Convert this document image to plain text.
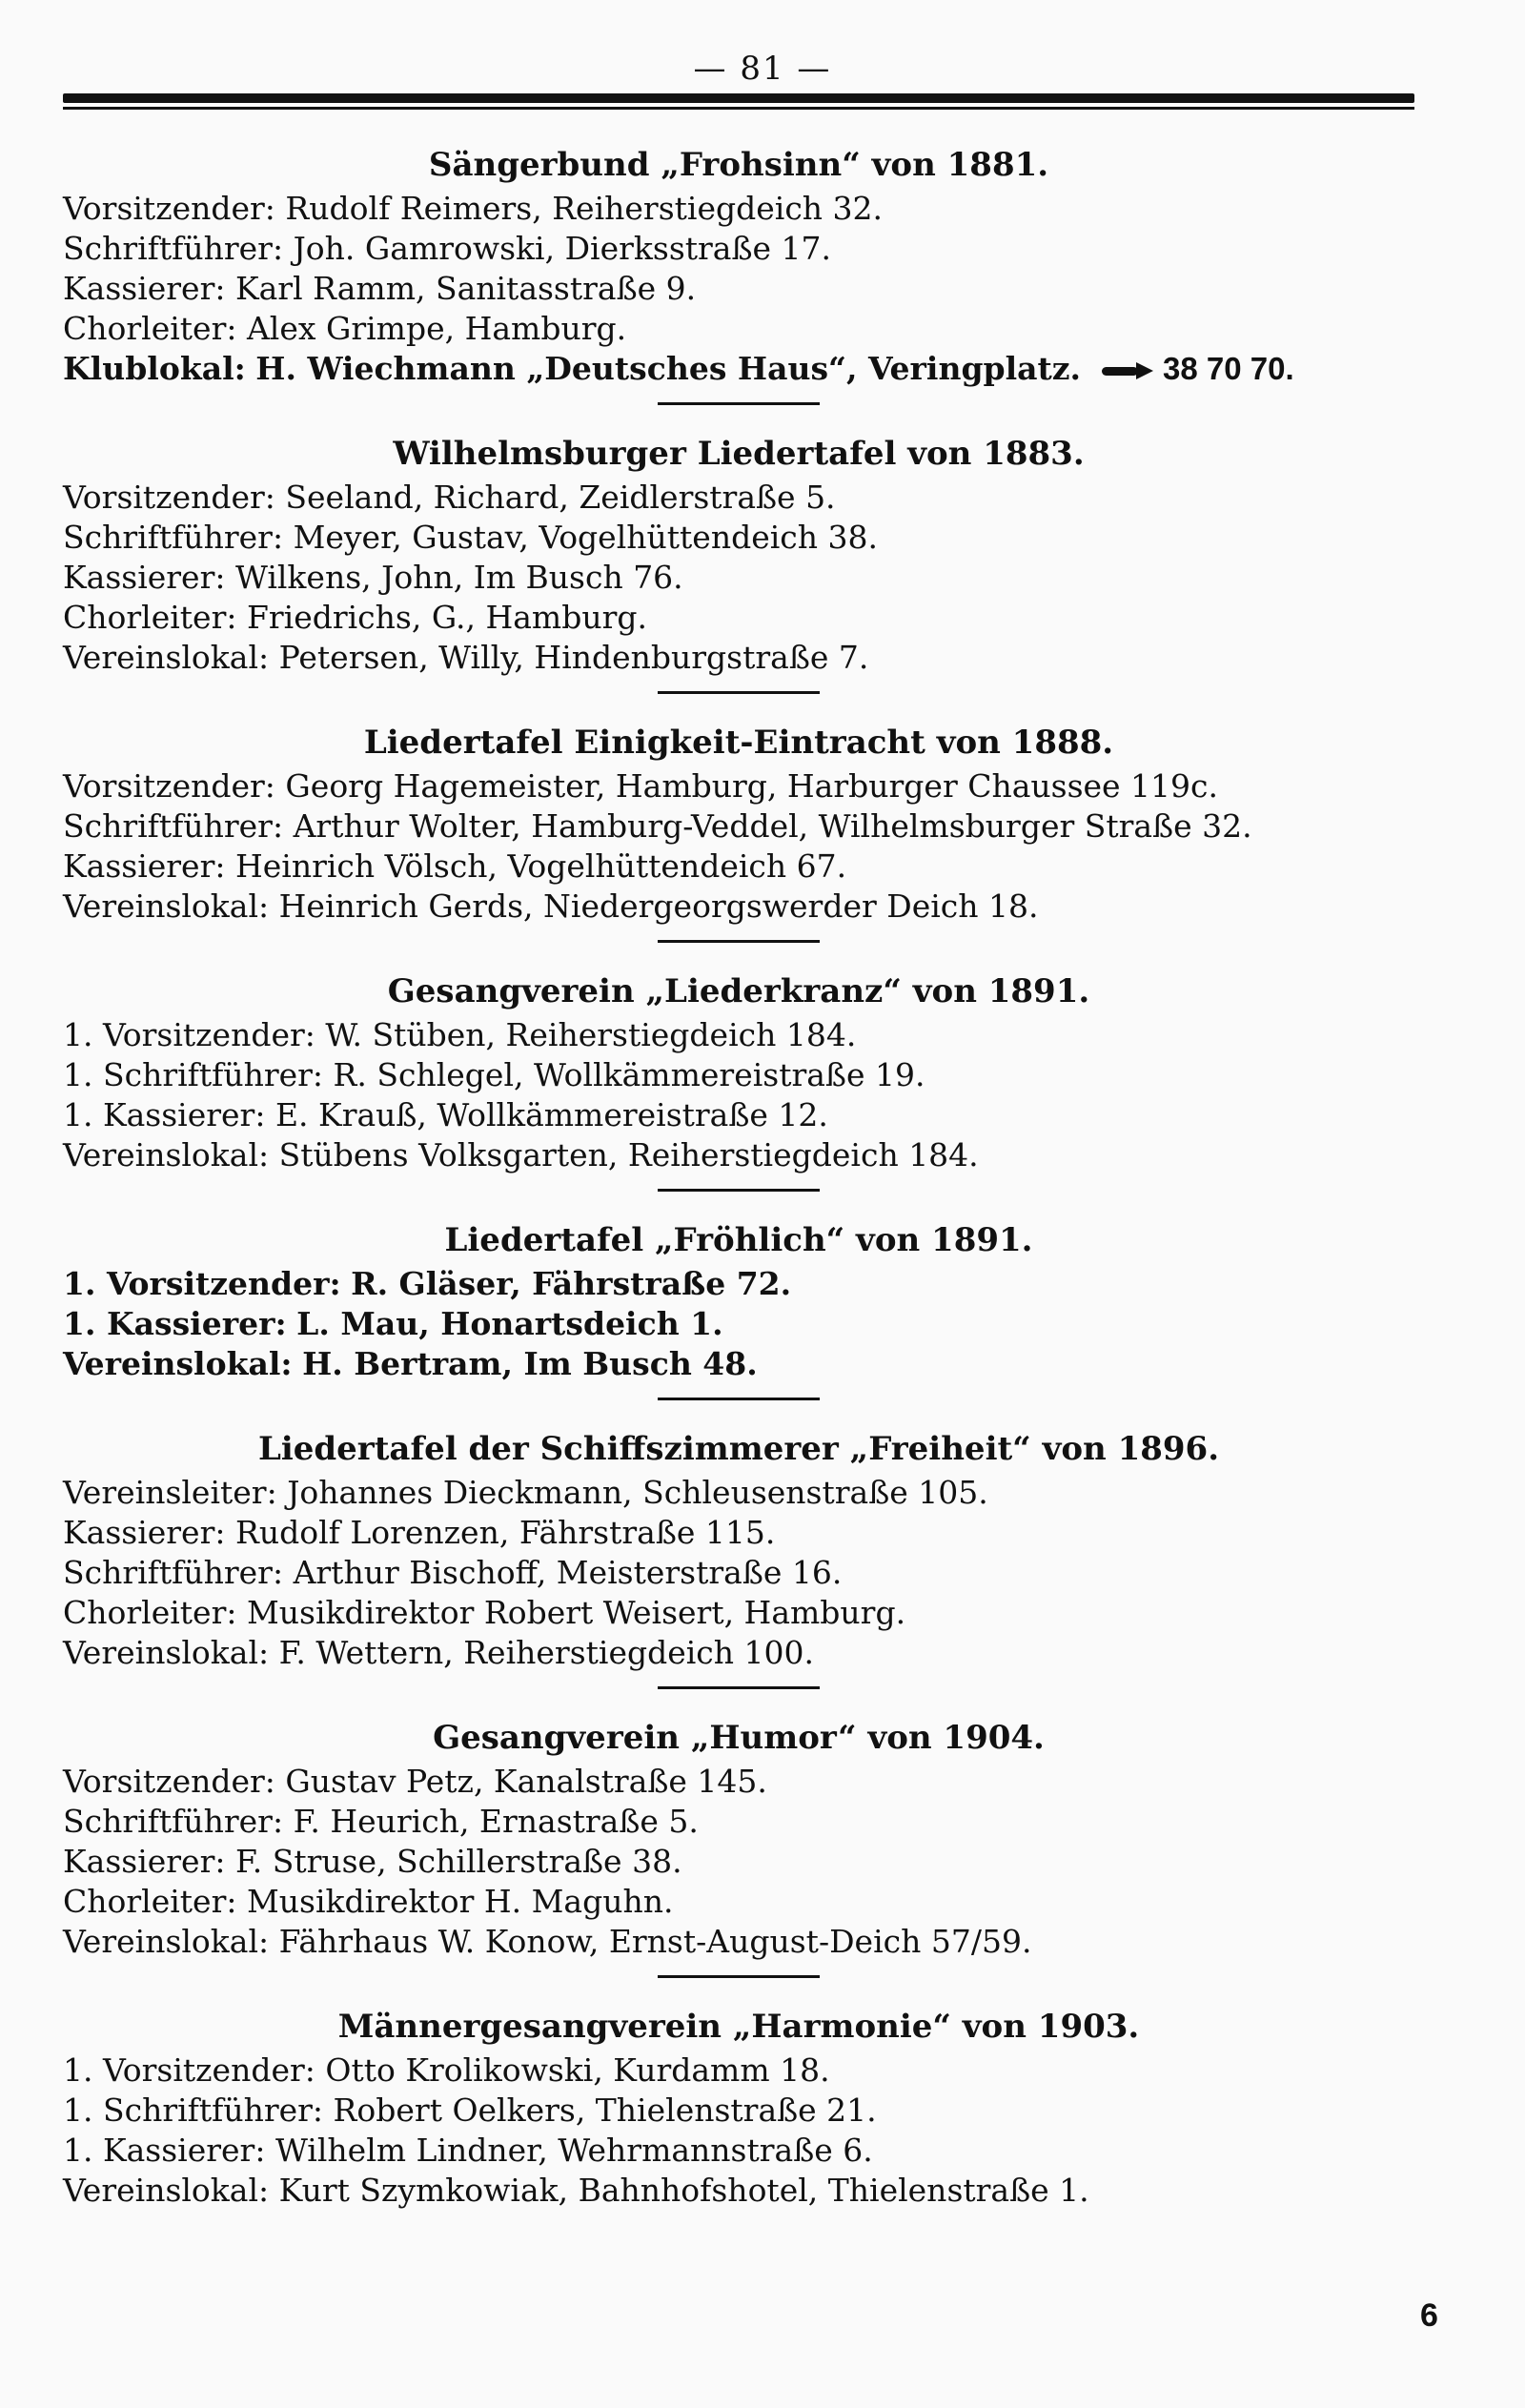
— 81 —
Sängerbund „Frohsinn“ von 1881.
Vorsitzender: Rudolf Reimers, Reiherstiegdeich 32.
Schriftführer: Joh. Gamrowski, Dierksstraße 17.
Kassierer: Karl Ramm, Sanitasstraße 9.
Chorleiter: Alex Grimpe, Hamburg.
Klublokal: H. Wiechmann „Deutsches Haus“, Veringplatz.	38 70 70.
Wilhelmsburger Liedertafel von 1883.
Vorsitzender: Seeland, Richard, Zeidlerstraße 5.
Schriftführer: Meyer, Gustav, Vogelhüttendeich 38.
Kassierer: Wilkens, John, Im Busch 76.
Chorleiter: Friedrichs, G., Hamburg.
Vereinslokal: Petersen, Willy, Hindenburgstraße 7.
Liedertafel Einigkeit-Eintracht von 1888.
Vorsitzender: Georg Hagemeister, Hamburg, Harburger Chaussee 119c.
Schriftführer: Arthur Wolter, Hamburg-Veddel, Wilhelmsburger Straße 32.
Kassierer: Heinrich Völsch, Vogelhüttendeich 67.
Vereinslokal: Heinrich Gerds, Niedergeorgswerder Deich 18.
Gesangverein „Liederkranz“ von 1891.
1. Vorsitzender: W. Stüben, Reiherstiegdeich 184.
1. Schriftführer: R. Schlegel, Wollkämmereistraße 19.
1. Kassierer: E. Krauß, Wollkämmereistraße 12.
Vereinslokal: Stübens Volksgarten, Reiherstiegdeich 184.
Liedertafel „Fröhlich“ von 1891.
1. Vorsitzender: R. Gläser, Fährstraße 72.
1. Kassierer: L. Mau, Honartsdeich 1.
Vereinslokal: H. Bertram, Im Busch 48.
Liedertafel der Schiffszimmerer „Freiheit“ von 1896.
Vereinsleiter: Johannes Dieckmann, Schleusenstraße 105.
Kassierer: Rudolf Lorenzen, Fährstraße 115.
Schriftführer: Arthur Bischoff, Meisterstraße 16.
Chorleiter: Musikdirektor Robert Weisert, Hamburg.
Vereinslokal: F. Wettern, Reiherstiegdeich 100.
Gesangverein „Humor“ von 1904.
Vorsitzender: Gustav Petz, Kanalstraße 145.
Schriftführer: F. Heurich, Ernastraße 5.
Kassierer: F. Struse, Schillerstraße 38.
Chorleiter: Musikdirektor H. Maguhn.
Vereinslokal: Fährhaus W. Konow, Ernst-August-Deich 57/59.
Männergesangverein „Harmonie“ von 1903.
1. Vorsitzender: Otto Krolikowski, Kurdamm 18.
1. Schriftführer: Robert Oelkers, Thielenstraße 21.
1. Kassierer: Wilhelm Lindner, Wehrmannstraße 6.
Vereinslokal: Kurt Szymkowiak, Bahnhofshotel, Thielenstraße 1.
6
